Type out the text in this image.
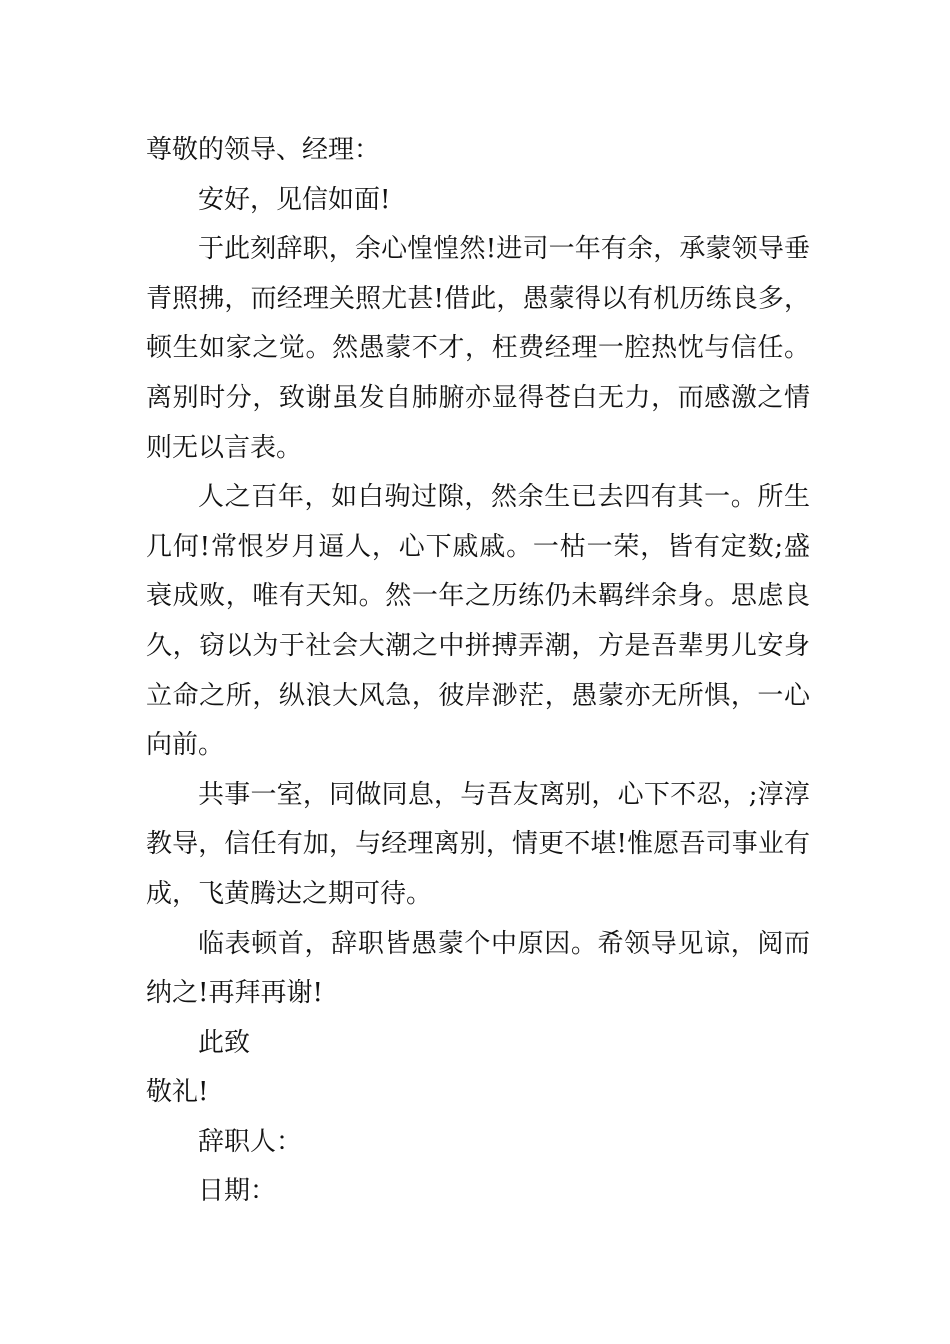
尊敬的领导、经理：

安好，见信如面!

于此刻辞职，余心惶惶然!进司一年有余，承蒙领导垂青照拂，而经理关照尤甚!借此，愚蒙得以有机历练良多，顿生如家之觉。然愚蒙不才，枉费经理一腔热忱与信任。离别时分，致谢虽发自肺腑亦显得苍白无力，而感激之情则无以言表。

人之百年，如白驹过隙，然余生已去四有其一。所生几何!常恨岁月逼人，心下戚戚。一枯一荣，皆有定数;盛衰成败，唯有天知。然一年之历练仍未羁绊余身。思虑良久，窃以为于社会大潮之中拼搏弄潮，方是吾辈男儿安身立命之所，纵浪大风急，彼岸渺茫，愚蒙亦无所惧，一心向前。

共事一室，同做同息，与吾友离别，心下不忍，;淳淳教导，信任有加，与经理离别，情更不堪!惟愿吾司事业有成，飞黄腾达之期可待。

临表顿首，辞职皆愚蒙个中原因。希领导见谅，阅而纳之!再拜再谢!

此致

敬礼!

辞职人：

日期：
